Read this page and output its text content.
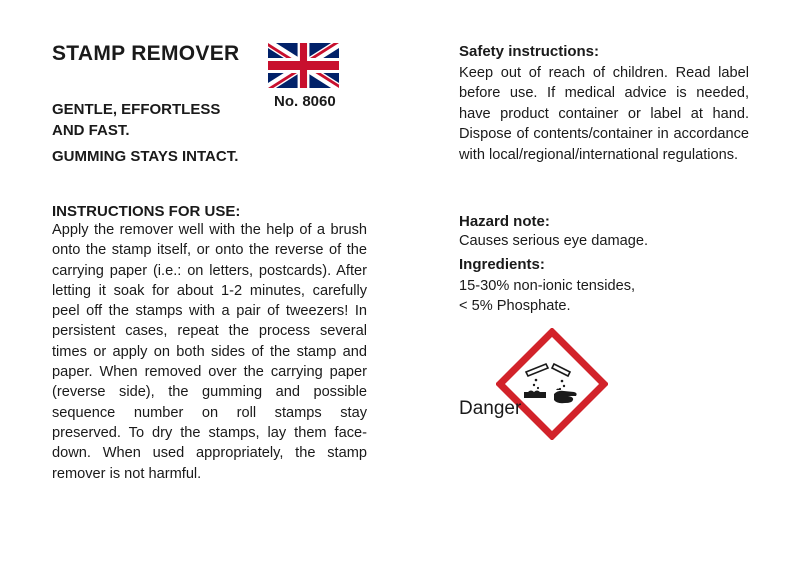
STAMP REMOVER
No. 8060
GENTLE, EFFORTLESS AND FAST.
GUMMING STAYS INTACT.
INSTRUCTIONS FOR USE:
Apply the remover well with the help of a brush onto the stamp itself, or onto the reverse of the carrying paper (i.e.: on letters, postcards). After letting it soak for about 1-2 minutes, carefully peel off the stamps with a pair of tweezers! In persistent cases, repeat the process several times or apply on both sides of the stamp and paper. When removed over the carrying paper (reverse side), the gumming and possible sequence number on roll stamps stay preserved. To dry the stamps, lay them face-down. When used appropriately, the stamp remover is not harmful.
Safety instructions:
Keep out of reach of children. Read label before use. If medical advice is needed, have product container or label at hand. Dispose of contents/container in accordance with local/regional/international regulations.
Hazard note:
Causes serious eye damage.
Ingredients:
15-30% non-ionic tensides,
< 5% Phosphate.
Danger
